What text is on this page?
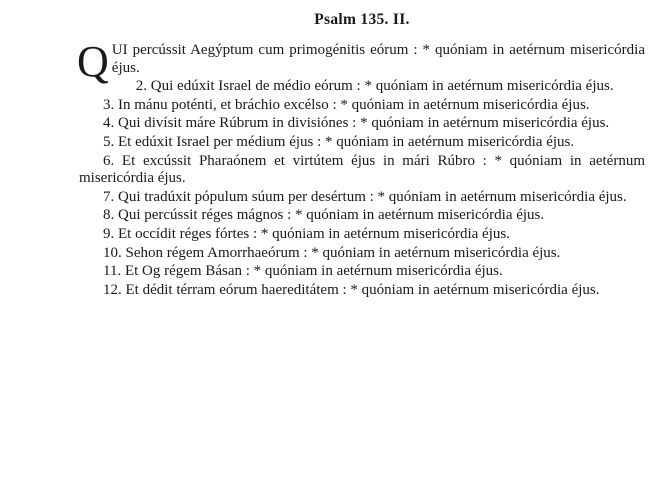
Psalm 135. II.

Q UI percússit Aegýptum cum primogénitis eórum : * quóniam in aetérnum misericórdia éjus.

2. Qui edúxit Israel de médio eórum : * quóniam in aetérnum misericórdia éjus.

3. In mánu poténti, et bráchio excélso : * quóniam in aetérnum misericórdia éjus.

4. Qui divísit máre Rúbrum in divisiónes : * quóniam in aetérnum misericórdia éjus.

5. Et edúxit Israel per médium éjus : * quóniam in aetérnum misericórdia éjus.

6. Et excússit Pharaónem et virtútem éjus in mári Rúbro : * quóniam in aetérnum misericórdia éjus.

7. Qui tradúxit pópulum súum per desértum : * quóniam in aetérnum misericórdia éjus.

8. Qui percússit réges mágnos : * quóniam in aetérnum misericórdia éjus.

9. Et occídit réges fórtes : * quóniam in aetérnum misericórdia éjus.

10. Sehon régem Amorrhaeórum : * quóniam in aetérnum misericórdia éjus.

11. Et Og régem Básan : * quóniam in aetérnum misericórdia éjus.

12. Et dédit térram eórum haereditátem : * quóniam in aetérnum misericórdia éjus.
